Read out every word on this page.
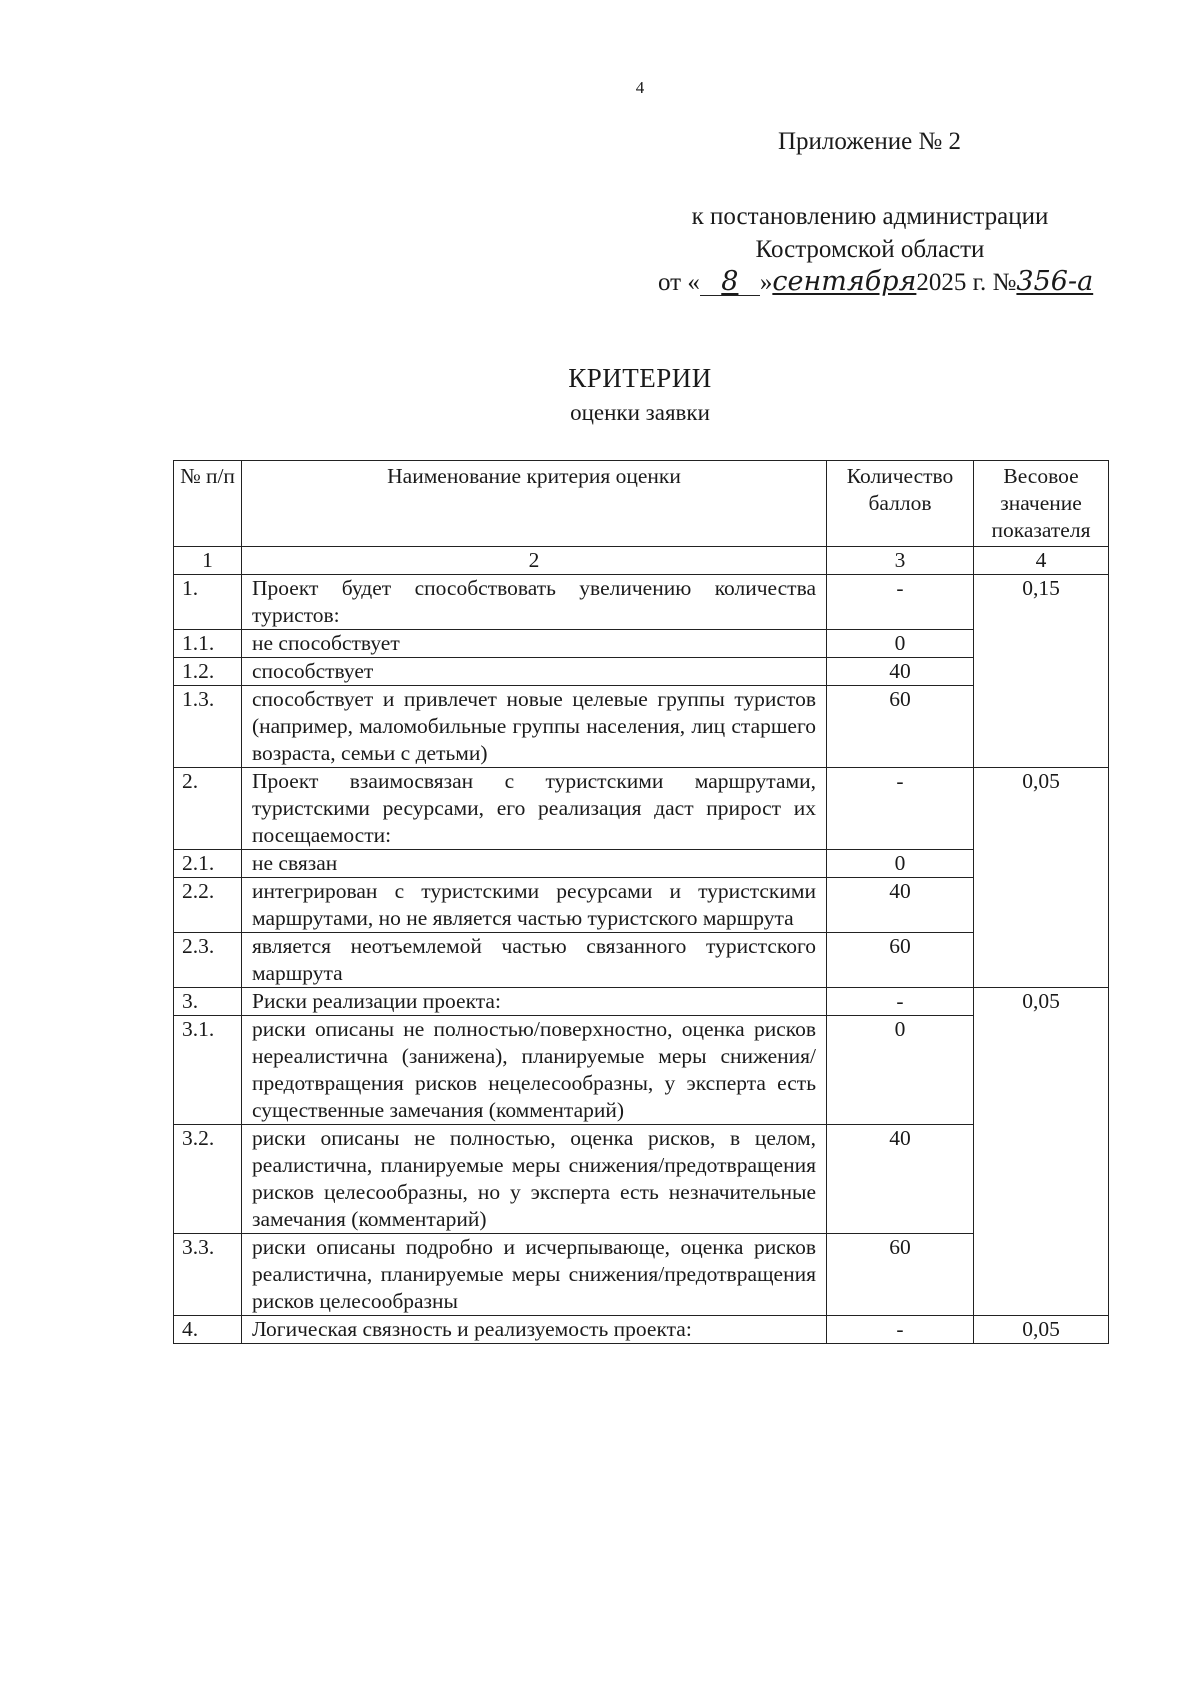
4
Приложение № 2
к постановлению администрации
Костромской области
от « 8 »сентября2025 г. №356-а
КРИТЕРИИ
оценки заявки
№ п/п	Наименование критерия оценки	Количество баллов	Весовое значение показателя
1	2	3	4
1.	Проект будет способствовать увеличению количества туристов:	-	0,15
1.1.	не способствует	0	
1.2.	способствует	40	
1.3.	способствует и привлечет новые целевые группы туристов (например, маломобильные группы населения, лиц старшего возраста, семьи с детьми)	60	
2.	Проект взаимосвязан с туристскими маршрутами, туристскими ресурсами, его реализация даст прирост их посещаемости:	-	0,05
2.1.	не связан	0	
2.2.	интегрирован с туристскими ресурсами и туристскими маршрутами, но не является частью туристского маршрута	40	
2.3.	является неотъемлемой частью связанного туристского маршрута	60	
3.	Риски реализации проекта:	-	0,05
3.1.	риски описаны не полностью/поверхностно, оценка рисков нереалистична (занижена), планируемые меры снижения/предотвращения рисков нецелесообразны, у эксперта есть существенные замечания (комментарий)	0	
3.2.	риски описаны не полностью, оценка рисков, в целом, реалистична, планируемые меры снижения/предотвращения рисков целесообразны, но у эксперта есть незначительные замечания (комментарий)	40	
3.3.	риски описаны подробно и исчерпывающе, оценка рисков реалистична, планируемые меры снижения/предотвращения рисков целесообразны	60	
4.	Логическая связность и реализуемость проекта:	-	0,05
